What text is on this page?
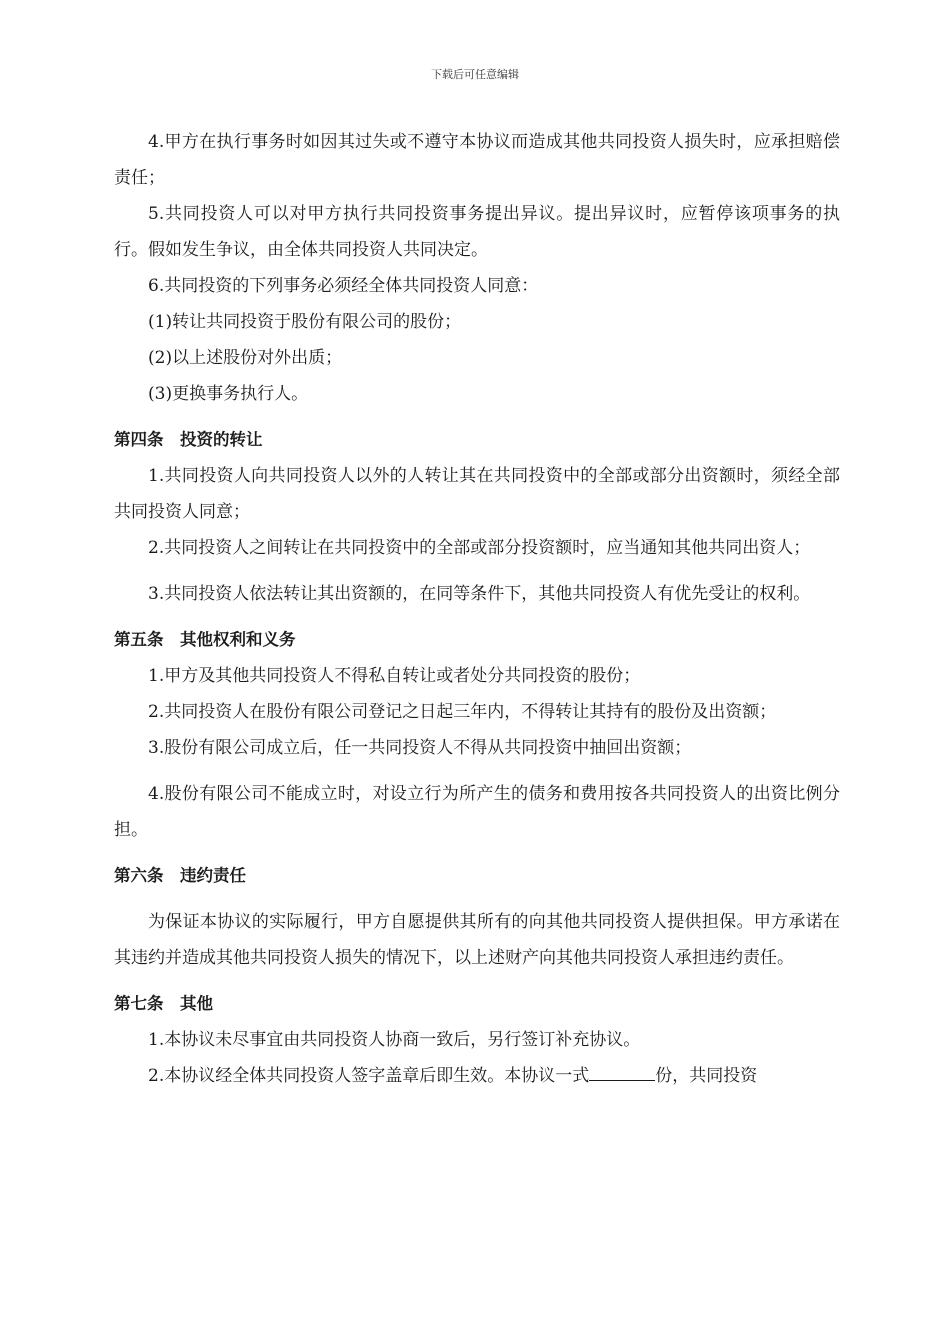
下载后可任意编辑

4.甲方在执行事务时如因其过失或不遵守本协议而造成其他共同投资人损失时，应承担赔偿责任；

5.共同投资人可以对甲方执行共同投资事务提出异议。提出异议时，应暂停该项事务的执行。假如发生争议，由全体共同投资人共同决定。

6.共同投资的下列事务必须经全体共同投资人同意：

(1)转让共同投资于股份有限公司的股份；

(2)以上述股份对外出质；

(3)更换事务执行人。

第四条　投资的转让

1.共同投资人向共同投资人以外的人转让其在共同投资中的全部或部分出资额时，须经全部共同投资人同意；

2.共同投资人之间转让在共同投资中的全部或部分投资额时，应当通知其他共同出资人；

3.共同投资人依法转让其出资额的，在同等条件下，其他共同投资人有优先受让的权利。

第五条　其他权利和义务

1.甲方及其他共同投资人不得私自转让或者处分共同投资的股份；

2.共同投资人在股份有限公司登记之日起三年内，不得转让其持有的股份及出资额；

3.股份有限公司成立后，任一共同投资人不得从共同投资中抽回出资额；

4.股份有限公司不能成立时，对设立行为所产生的债务和费用按各共同投资人的出资比例分担。

第六条　违约责任

为保证本协议的实际履行，甲方自愿提供其所有的向其他共同投资人提供担保。甲方承诺在其违约并造成其他共同投资人损失的情况下，以上述财产向其他共同投资人承担违约责任。

第七条　其他

1.本协议未尽事宜由共同投资人协商一致后，另行签订补充协议。

2.本协议经全体共同投资人签字盖章后即生效。本协议一式	份，共同投资
